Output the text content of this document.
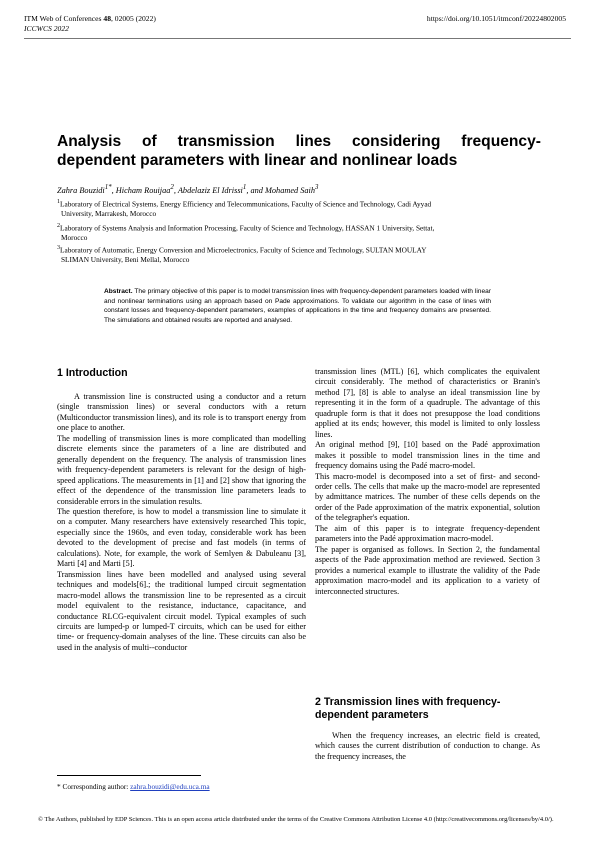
ITM Web of Conferences 48, 02005 (2022)
ICCWCS 2022
https://doi.org/10.1051/itmconf/20224802005
Analysis of transmission lines considering frequency-
dependent parameters with linear and nonlinear loads
Zahra Bouzidi$^{1*}$, Hicham Rouijaa$^2$, Abdelaziz El Idrissi$^1$, and Mohamed Saih$^3$
$^1$Laboratory of Electrical Systems, Energy Efficiency and Telecommunications, Faculty of Science and Technology, Cadi Ayyad
University, Marrakesh, Morocco
$^2$Laboratory of Systems Analysis and Information Processing, Faculty of Science and Technology, HASSAN 1 University, Settat,
Morocco
$^3$Laboratory of Automatic, Energy Conversion and Microelectronics, Faculty of Science and Technology, SULTAN MOULAY
SLIMAN University, Beni Mellal, Morocco
Abstract. The primary objective of this paper is to model transmission lines with frequency-dependent parameters loaded with linear and nonlinear terminations using an approach based on Pade approximations. To validate our algorithm in the case of lines with constant losses and frequency-dependent parameters, examples of applications in the time and frequency domains are presented. The simulations and obtained results are reported and analysed.
1 Introduction

A transmission line is constructed using a conductor and a return (single transmission lines) or several conductors with a return (Multiconductor transmission lines), and its role is to transport energy from one place to another.

The modelling of transmission lines is more complicated than modelling discrete elements since the parameters of a line are distributed and generally dependent on the frequency. The analysis of transmission lines with frequency-dependent parameters is relevant for the design of high-speed applications. The measurements in [1] and [2] show that ignoring the effect of the dependence of the transmission line parameters leads to considerable errors in the simulation results.

The question therefore, is how to model a transmission line to simulate it on a computer. Many researchers have extensively researched This topic, especially since the 1960s, and even today, considerable work has been devoted to the development of precise and fast models (in terms of calculations). Note, for example, the work of Semlyen & Dabuleanu [3], Marti [4] and Marti [5].

Transmission lines have been modelled and analysed using several techniques and models[6].; the traditional lumped circuit segmentation macro-model allows the transmission line to be represented as a circuit model equivalent to the resistance, inductance, capacitance, and conductance RLCG-equivalent circuit model. Typical examples of such circuits are lumped-p or lumped-T circuits, which can be used for either time- or frequency-domain analyses of the line. These circuits can also be used in the analysis of multi--conductor

transmission lines (MTL) [6], which complicates the equivalent circuit considerably. The method of characteristics or Branin's method [7], [8] is able to analyse an ideal transmission line by representing it in the form of a quadruple. The advantage of this quadruple form is that it does not presuppose the load conditions applied at its ends; however, this model is limited to only lossless lines.

An original method [9], [10] based on the Padé approximation makes it possible to model transmission lines in the time and frequency domains using the Padé macro-model.

This macro-model is decomposed into a set of first- and second-order cells. The cells that make up the macro-model are represented by admittance matrices. The number of these cells depends on the order of the Pade approximation of the matrix exponential, solution of the telegrapher's equation.

The aim of this paper is to integrate frequency-dependent parameters into the Padé approximation macro-model.

The paper is organised as follows. In Section 2, the fundamental aspects of the Pade approximation method are reviewed. Section 3 provides a numerical example to illustrate the validity of the Pade approximation macro-model and its application to a variety of interconnected structures.

2 Transmission lines with frequency-
dependent parameters

When the frequency increases, an electric field is created, which causes the current distribution of conduction to change. As the frequency increases, the

* Corresponding author: zahra.bouzidi@edu.uca.ma
© The Authors, published by EDP Sciences. This is an open access article distributed under the terms of the Creative Commons Attribution License 4.0 (http://creativecommons.org/licenses/by/4.0/).
